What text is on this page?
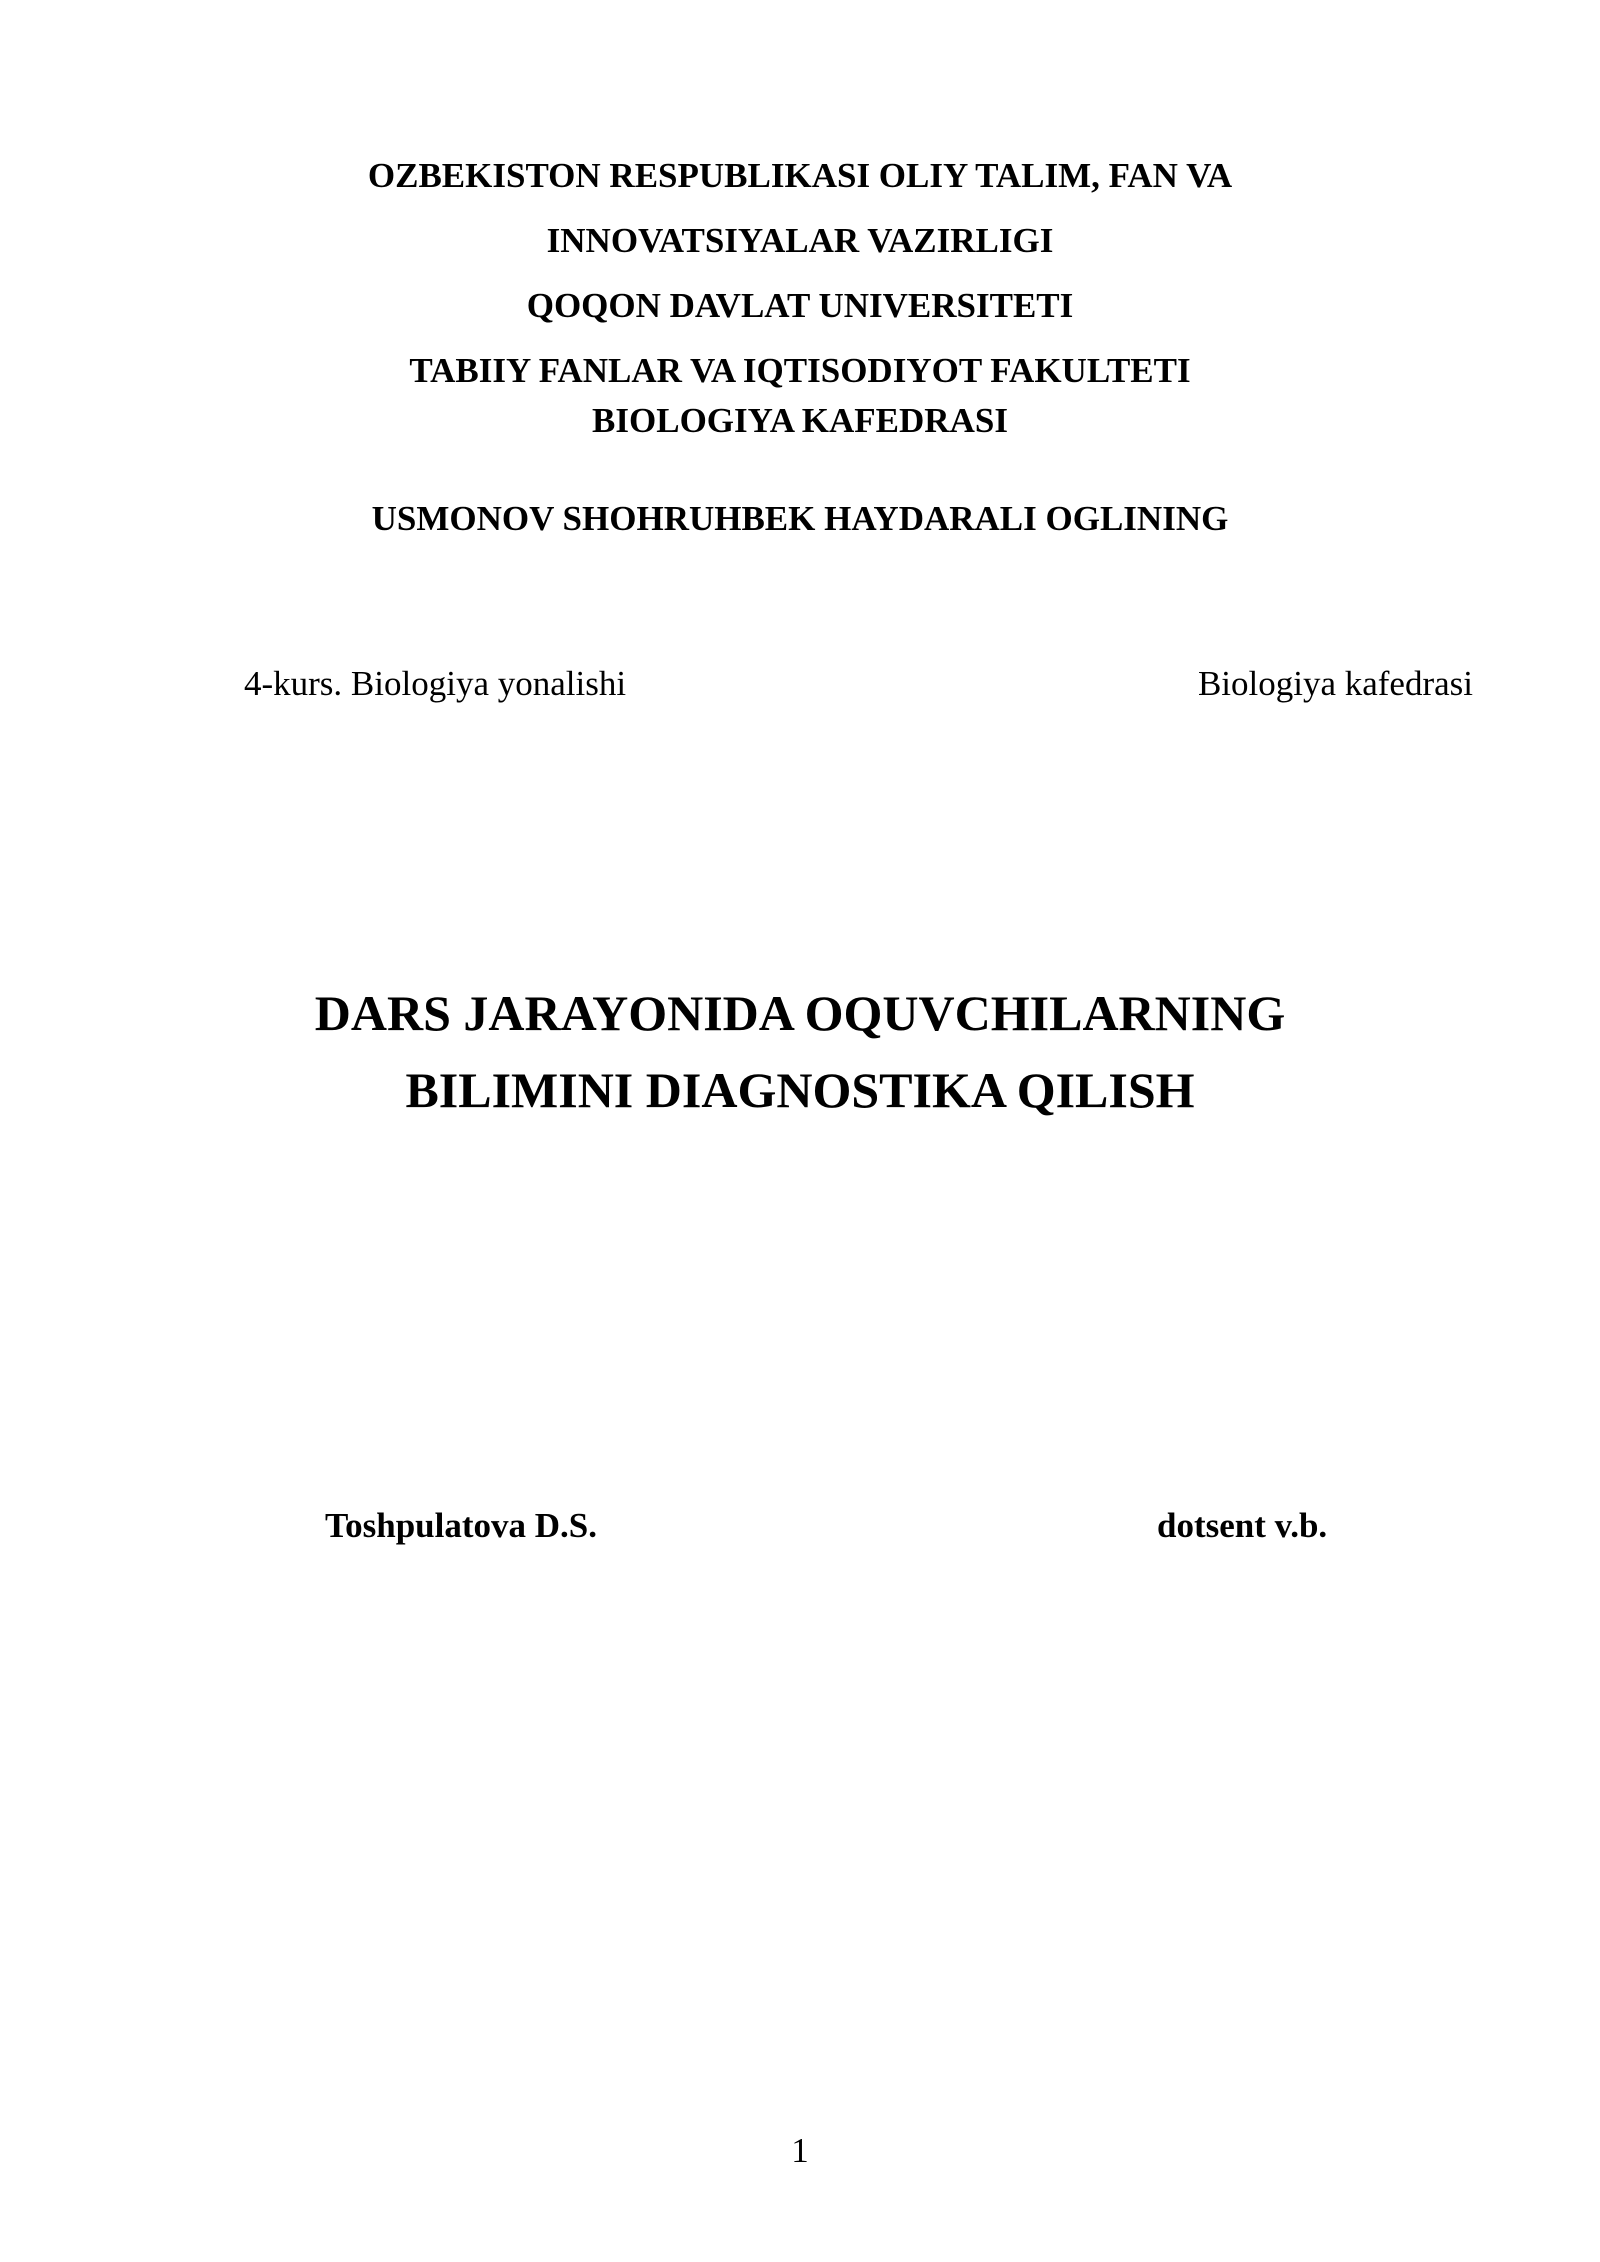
OZBEKISTON RESPUBLIKASI OLIY TALIM, FAN VA
INNOVATSIYALAR VAZIRLIGI
QOQON DAVLAT UNIVERSITETI
TABIIY FANLAR VA IQTISODIYOT FAKULTETI
BIOLOGIYA KAFEDRASI
USMONOV SHOHRUHBEK HAYDARALI OGLINING
4-kurs. Biologiya yonalishi	Biologiya kafedrasi
DARS JARAYONIDA OQUVCHILARNING
BILIMINI DIAGNOSTIKA QILISH
Toshpulatova D.S.	dotsent v.b.
1
